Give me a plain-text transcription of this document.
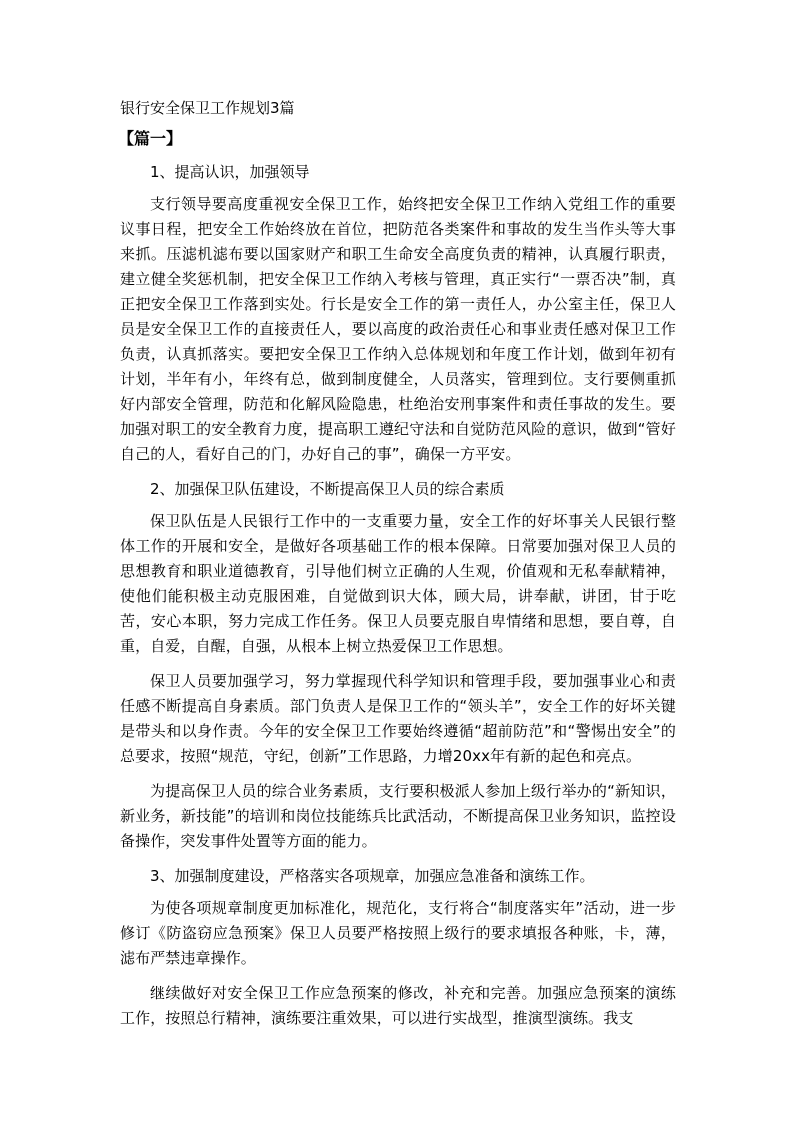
银行安全保卫工作规划3篇
【篇一】
1、提高认识，加强领导

支行领导要高度重视安全保卫工作，始终把安全保卫工作纳入党组工作的重要议事日程，把安全工作始终放在首位，把防范各类案件和事故的发生当作头等大事来抓。压滤机滤布要以国家财产和职工生命安全高度负责的精神，认真履行职责，建立健全奖惩机制，把安全保卫工作纳入考核与管理，真正实行“一票否决”制，真正把安全保卫工作落到实处。行长是安全工作的第一责任人，办公室主任，保卫人员是安全保卫工作的直接责任人，要以高度的政治责任心和事业责任感对保卫工作负责，认真抓落实。要把安全保卫工作纳入总体规划和年度工作计划，做到年初有计划，半年有小，年终有总，做到制度健全，人员落实，管理到位。支行要侧重抓好内部安全管理，防范和化解风险隐患，杜绝治安刑事案件和责任事故的发生。要加强对职工的安全教育力度，提高职工遵纪守法和自觉防范风险的意识，做到“管好自己的人，看好自己的门，办好自己的事”，确保一方平安。

2、加强保卫队伍建设，不断提高保卫人员的综合素质

保卫队伍是人民银行工作中的一支重要力量，安全工作的好坏事关人民银行整体工作的开展和安全，是做好各项基础工作的根本保障。日常要加强对保卫人员的思想教育和职业道德教育，引导他们树立正确的人生观，价值观和无私奉献精神，使他们能积极主动克服困难，自觉做到识大体，顾大局，讲奉献，讲团，甘于吃苦，安心本职，努力完成工作任务。保卫人员要克服自卑情绪和思想，要自尊，自重，自爱，自醒，自强，从根本上树立热爱保卫工作思想。

保卫人员要加强学习，努力掌握现代科学知识和管理手段，要加强事业心和责任感不断提高自身素质。部门负责人是保卫工作的“领头羊”，安全工作的好坏关键是带头和以身作责。今年的安全保卫工作要始终遵循“超前防范”和“警惕出安全”的总要求，按照“规范，守纪，创新”工作思路，力增20xx年有新的起色和亮点。

为提高保卫人员的综合业务素质，支行要积极派人参加上级行举办的“新知识，新业务，新技能”的培训和岗位技能练兵比武活动，不断提高保卫业务知识，监控设备操作，突发事件处置等方面的能力。

3、加强制度建设，严格落实各项规章，加强应急准备和演练工作。

为使各项规章制度更加标准化，规范化，支行将合“制度落实年”活动，进一步修订《防盗窃应急预案》保卫人员要严格按照上级行的要求填报各种账，卡，薄，滤布严禁违章操作。

继续做好对安全保卫工作应急预案的修改，补充和完善。加强应急预案的演练工作，按照总行精神，演练要注重效果，可以进行实战型，推演型演练。我支
